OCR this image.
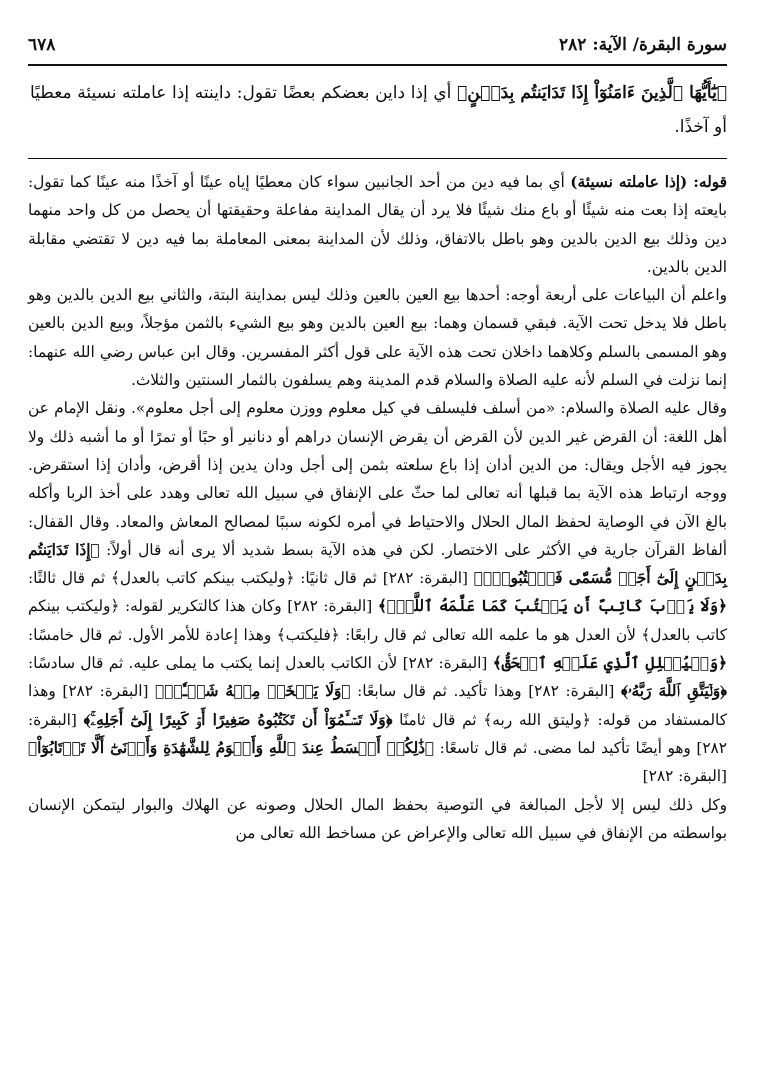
سورة البقرة/ الآية: ٢٨٢
٦٧٨
﴿يَٰٓأَيُّهَا ٱلَّذِينَ ءَامَنُوٓاْ إِذَا تَدَايَنتُم بِدَيۡنٍ﴾ أي إذا داين بعضكم بعضًا تقول: داينته إذا عاملته نسيئة معطيًا أو آخذًا.

قوله: (إذا عاملته نسيئة) أي بما فيه دين من أحد الجانبين سواء كان معطيًا إياه عينًا أو آخذًا منه عينًا كما تقول: بايعته إذا بعت منه شيئًا أو باع منك شيئًا فلا يرد أن يقال المداينة مفاعلة وحقيقتها أن يحصل من كل واحد منهما دين وذلك بيع الدين بالدين وهو باطل بالاتفاق، وذلك لأن المداينة بمعنى المعاملة بما فيه دين لا تقتضي مقابلة الدين بالدين.

واعلم أن البياعات على أربعة أوجه: أحدها بيع العين بالعين وذلك ليس بمداينة البتة، والثاني بيع الدين بالدين وهو باطل فلا يدخل تحت الآية. فبقي قسمان وهما: بيع العين بالدين وهو بيع الشيء بالثمن مؤجلاً، وبيع الدين بالعين وهو المسمى بالسلم وكلاهما داخلان تحت هذه الآية على قول أكثر المفسرين. وقال ابن عباس رضي الله عنهما: إنما نزلت في السلم لأنه عليه الصلاة والسلام قدم المدينة وهم يسلفون بالثمار السنتين والثلاث.

وقال عليه الصلاة والسلام: «من أسلف فليسلف في كيل معلوم ووزن معلوم إلى أجل معلوم». ونقل الإمام عن أهل اللغة: أن القرض غير الدين لأن القرض أن يقرض الإنسان دراهم أو دنانير أو حبًا أو تمرًا أو ما أشبه ذلك ولا يجوز فيه الأجل ويقال: من الدين أدان إذا باع سلعته بثمن إلى أجل ودان يدين إذا أقرض، وأدان إذا استقرض. ووجه ارتباط هذه الآية بما قبلها أنه تعالى لما حثّ على الإنفاق في سبيل الله تعالى وهدد على أخذ الربا وأكله بالغ الآن في الوصاية لحفظ المال الحلال والاحتياط في أمره لكونه سببًا لمصالح المعاش والمعاد. وقال القفال: ألفاظ القرآن جارية في الأكثر على الاختصار. لكن في هذه الآية بسط شديد ألا يرى أنه قال أولاً: ﴿إِذَا تَدَايَنتُم بِدَيۡنٍ إِلَىٰٓ أَجَلٖ مُّسَمّٗى فَٱكۡتُبُوهُۚ﴾ [البقرة: ٢٨٢] ثم قال ثانيًا: ﴿وليكتب بينكم كاتب بالعدل﴾ ثم قال ثالثًا: ﴿وَلَا يَأۡبَ كَاتِبٌ أَن يَكۡتُبَ كَمَا عَلَّمَهُ ٱللَّهُۚ﴾ [البقرة: ٢٨٢] وكان هذا كالتكرير لقوله: ﴿وليكتب بينكم كاتب بالعدل﴾ لأن العدل هو ما علمه الله تعالى ثم قال رابعًا: ﴿فليكتب﴾ وهذا إعادة للأمر الأول. ثم قال خامسًا: ﴿وَلۡيُمۡلِلِ ٱلَّذِي عَلَيۡهِ ٱلۡحَقُّ﴾ [البقرة: ٢٨٢] لأن الكاتب بالعدل إنما يكتب ما يملى عليه. ثم قال سادسًا: ﴿وَلۡيَتَّقِ ٱللَّهَ رَبَّهُۥ﴾ [البقرة: ٢٨٢] وهذا تأكيد. ثم قال سابعًا: ﴿وَلَا يَبۡخَسۡ مِنۡهُ شَيۡـٔٗاۚ﴾ [البقرة: ٢٨٢] وهذا كالمستفاد من قوله: ﴿وليتق الله ربه﴾ ثم قال ثامنًا ﴿وَلَا تَسۡـَٔمُوٓاْ أَن تَكۡتُبُوهُ صَغِيرًا أَوۡ كَبِيرًا إِلَىٰٓ أَجَلِهِۦۚ﴾ [البقرة: ٢٨٢] وهو أيضًا تأكيد لما مضى. ثم قال تاسعًا: ﴿ذَٰلِكُمۡ أَقۡسَطُ عِندَ ٱللَّهِ وَأَقۡوَمُ لِلشَّهَٰدَةِ وَأَدۡنَىٰٓ أَلَّا تَرۡتَابُوٓاْ﴾ [البقرة: ٢٨٢]

وكل ذلك ليس إلا لأجل المبالغة في التوصية بحفظ المال الحلال وصونه عن الهلاك والبوار ليتمكن الإنسان بواسطته من الإنفاق في سبيل الله تعالى والإعراض عن مساخط الله تعالى من
